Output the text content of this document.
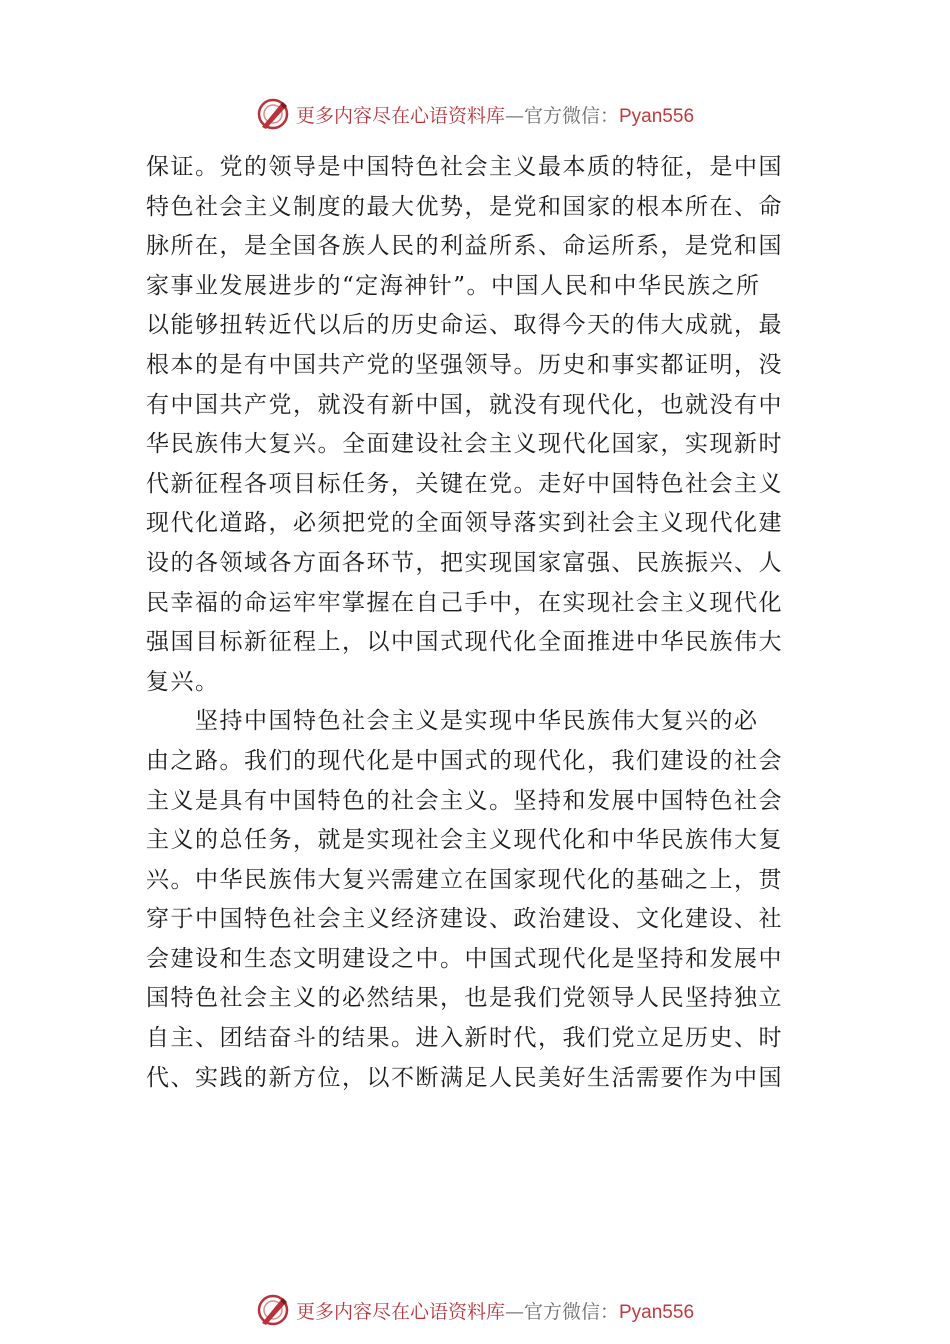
更多内容尽在心语资料库—官方微信：Pyan556
保证。党的领导是中国特色社会主义最本质的特征，是中国
特色社会主义制度的最大优势，是党和国家的根本所在、命
脉所在，是全国各族人民的利益所系、命运所系，是党和国
家事业发展进步的“定海神针”。中国人民和中华民族之所
以能够扭转近代以后的历史命运、取得今天的伟大成就，最
根本的是有中国共产党的坚强领导。历史和事实都证明，没
有中国共产党，就没有新中国，就没有现代化，也就没有中
华民族伟大复兴。全面建设社会主义现代化国家，实现新时
代新征程各项目标任务，关键在党。走好中国特色社会主义
现代化道路，必须把党的全面领导落实到社会主义现代化建
设的各领域各方面各环节，把实现国家富强、民族振兴、人
民幸福的命运牢牢掌握在自己手中，在实现社会主义现代化
强国目标新征程上，以中国式现代化全面推进中华民族伟大
复兴。
　　坚持中国特色社会主义是实现中华民族伟大复兴的必
由之路。我们的现代化是中国式的现代化，我们建设的社会
主义是具有中国特色的社会主义。坚持和发展中国特色社会
主义的总任务，就是实现社会主义现代化和中华民族伟大复
兴。中华民族伟大复兴需建立在国家现代化的基础之上，贯
穿于中国特色社会主义经济建设、政治建设、文化建设、社
会建设和生态文明建设之中。中国式现代化是坚持和发展中
国特色社会主义的必然结果，也是我们党领导人民坚持独立
自主、团结奋斗的结果。进入新时代，我们党立足历史、时
代、实践的新方位，以不断满足人民美好生活需要作为中国
更多内容尽在心语资料库—官方微信：Pyan556
